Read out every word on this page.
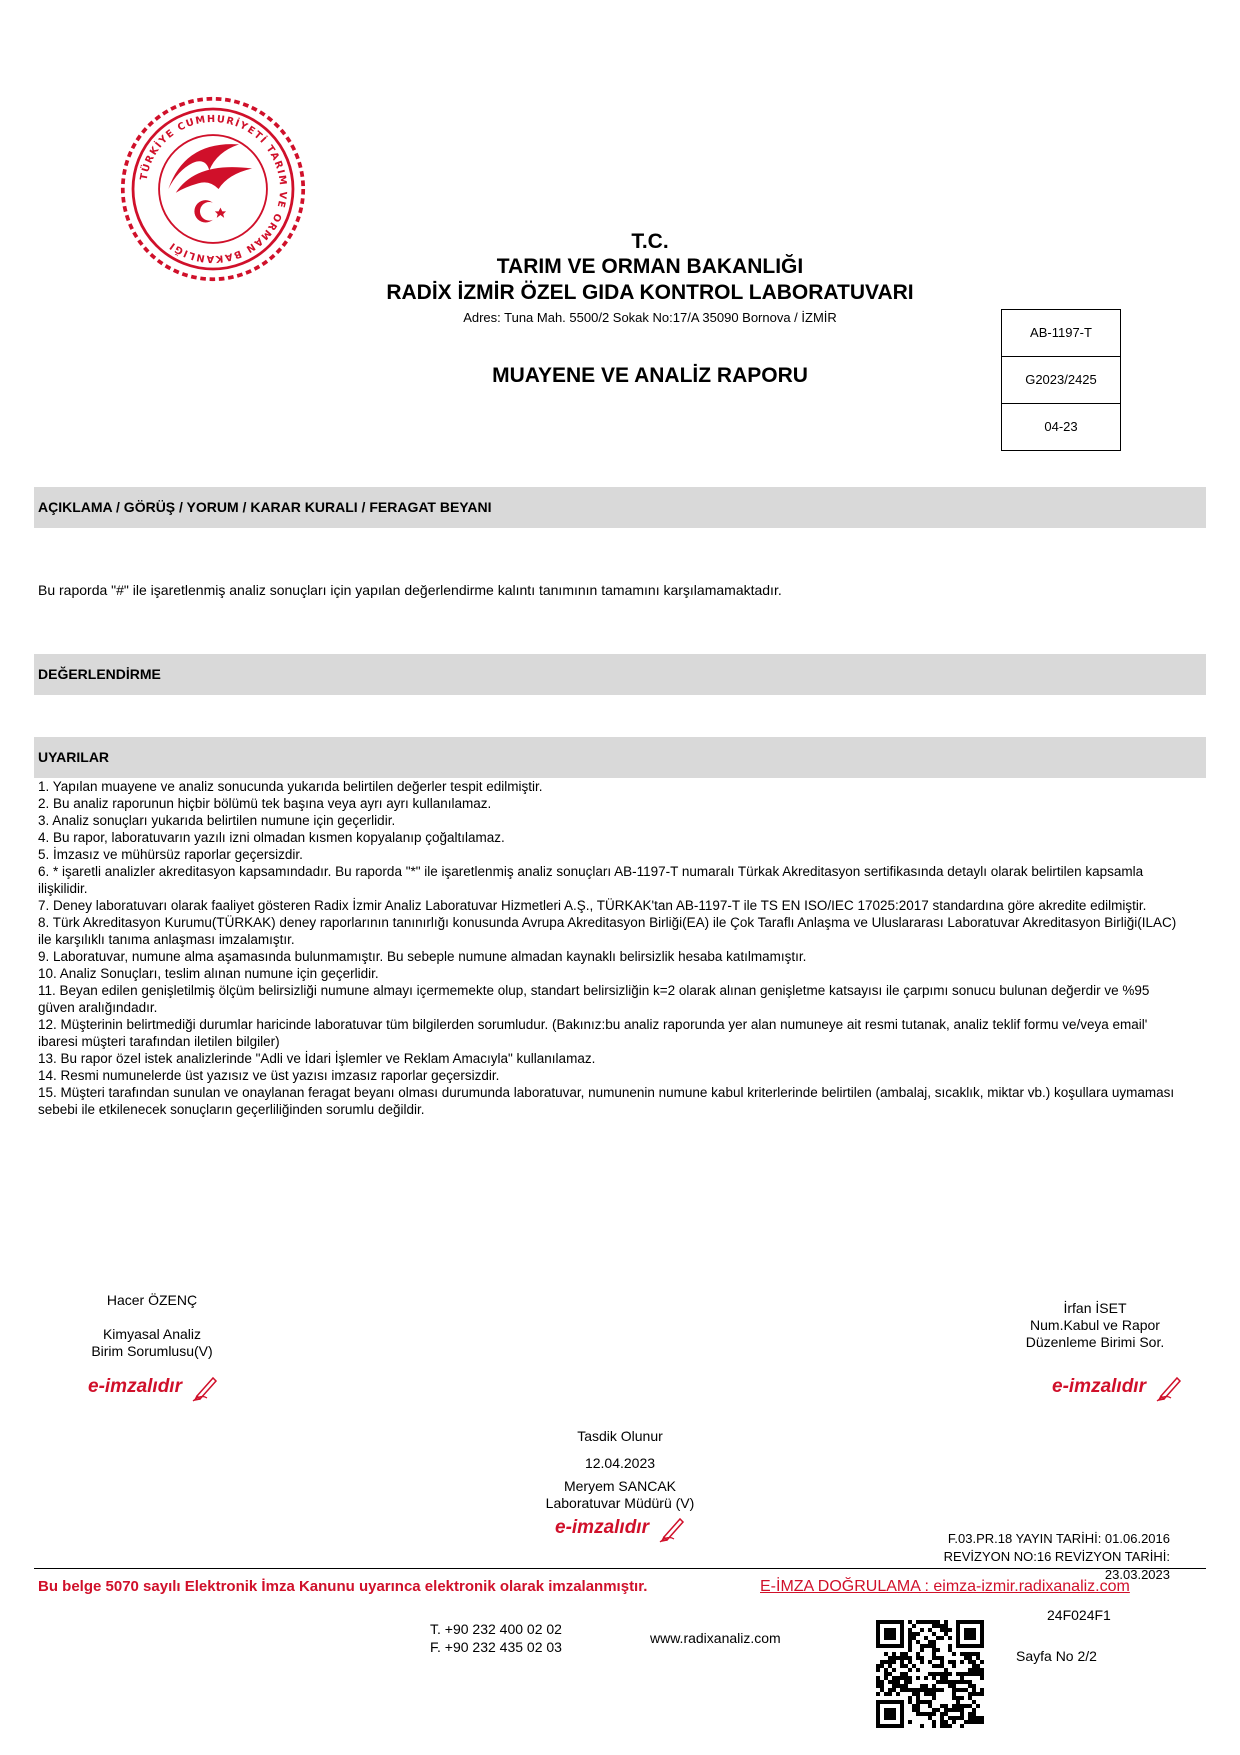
TÜRKİYE CUMHURİYETİ TARIM VE ORMAN BAKANLIĞI	T.C.
TARIM VE ORMAN BAKANLIĞI
RADİX İZMİR ÖZEL GIDA KONTROL LABORATUVARI
Adres: Tuna Mah. 5500/2 Sokak No:17/A 35090 Bornova / İZMİR
MUAYENE VE ANALİZ RAPORU
AB-1197-T
G2023/2425
04-23
AÇIKLAMA / GÖRÜŞ / YORUM / KARAR KURALI / FERAGAT BEYANI
Bu raporda "#" ile işaretlenmiş analiz sonuçları için yapılan değerlendirme kalıntı tanımının tamamını karşılamamaktadır.
DEĞERLENDİRME
UYARILAR
1. Yapılan muayene ve analiz sonucunda yukarıda belirtilen değerler tespit edilmiştir.
2. Bu analiz raporunun hiçbir bölümü tek başına veya ayrı ayrı kullanılamaz.
3. Analiz sonuçları yukarıda belirtilen numune için geçerlidir.
4. Bu rapor, laboratuvarın yazılı izni olmadan kısmen kopyalanıp çoğaltılamaz.
5. İmzasız ve mühürsüz raporlar geçersizdir.
6. * işaretli analizler akreditasyon kapsamındadır. Bu raporda "*" ile işaretlenmiş analiz sonuçları AB-1197-T numaralı Türkak Akreditasyon sertifikasında detaylı olarak belirtilen kapsamla ilişkilidir.
7. Deney laboratuvarı olarak faaliyet gösteren Radix İzmir Analiz Laboratuvar Hizmetleri A.Ş., TÜRKAK'tan AB-1197-T ile TS EN ISO/IEC 17025:2017 standardına göre akredite edilmiştir.
8. Türk Akreditasyon Kurumu(TÜRKAK) deney raporlarının tanınırlığı konusunda Avrupa Akreditasyon Birliği(EA) ile Çok Taraflı Anlaşma ve Uluslararası Laboratuvar Akreditasyon Birliği(ILAC) ile karşılıklı tanıma anlaşması imzalamıştır.
9. Laboratuvar, numune alma aşamasında bulunmamıştır. Bu sebeple numune almadan kaynaklı belirsizlik hesaba katılmamıştır.
10. Analiz Sonuçları, teslim alınan numune için geçerlidir.
11. Beyan edilen genişletilmiş ölçüm belirsizliği numune almayı içermemekte olup, standart belirsizliğin k=2 olarak alınan genişletme katsayısı ile çarpımı sonucu bulunan değerdir ve %95 güven aralığındadır.
12. Müşterinin belirtmediği durumlar haricinde laboratuvar tüm bilgilerden sorumludur. (Bakınız:bu analiz raporunda yer alan numuneye ait resmi tutanak, analiz teklif formu ve/veya email' ibaresi müşteri tarafından iletilen bilgiler)
13. Bu rapor özel istek analizlerinde "Adli ve İdari İşlemler ve Reklam Amacıyla" kullanılamaz.
14. Resmi numunelerde üst yazısız ve üst yazısı imzasız raporlar geçersizdir.
15. Müşteri tarafından sunulan ve onaylanan feragat beyanı olması durumunda laboratuvar, numunenin numune kabul kriterlerinde belirtilen (ambalaj, sıcaklık, miktar vb.) koşullara uymaması sebebi ile etkilenecek sonuçların geçerliliğinden sorumlu değildir.
Hacer ÖZENÇ
Kimyasal Analiz
Birim Sorumlusu(V)
e-imzalıdır
İrfan İSET
Num.Kabul ve Rapor
Düzenleme Birimi Sor.
e-imzalıdır
Tasdik Olunur
12.04.2023
Meryem SANCAK
Laboratuvar Müdürü (V)
e-imzalıdır
F.03.PR.18 YAYIN TARİHİ: 01.06.2016
REVİZYON NO:16 REVİZYON TARİHİ: 23.03.2023
Bu belge 5070 sayılı Elektronik İmza Kanunu uyarınca elektronik olarak imzalanmıştır.	E-İMZA DOĞRULAMA : eimza-izmir.radixanaliz.com
T. +90 232 400 02 02
F. +90 232 435 02 03
www.radixanaliz.com
24F024F1
Sayfa No 2/2
